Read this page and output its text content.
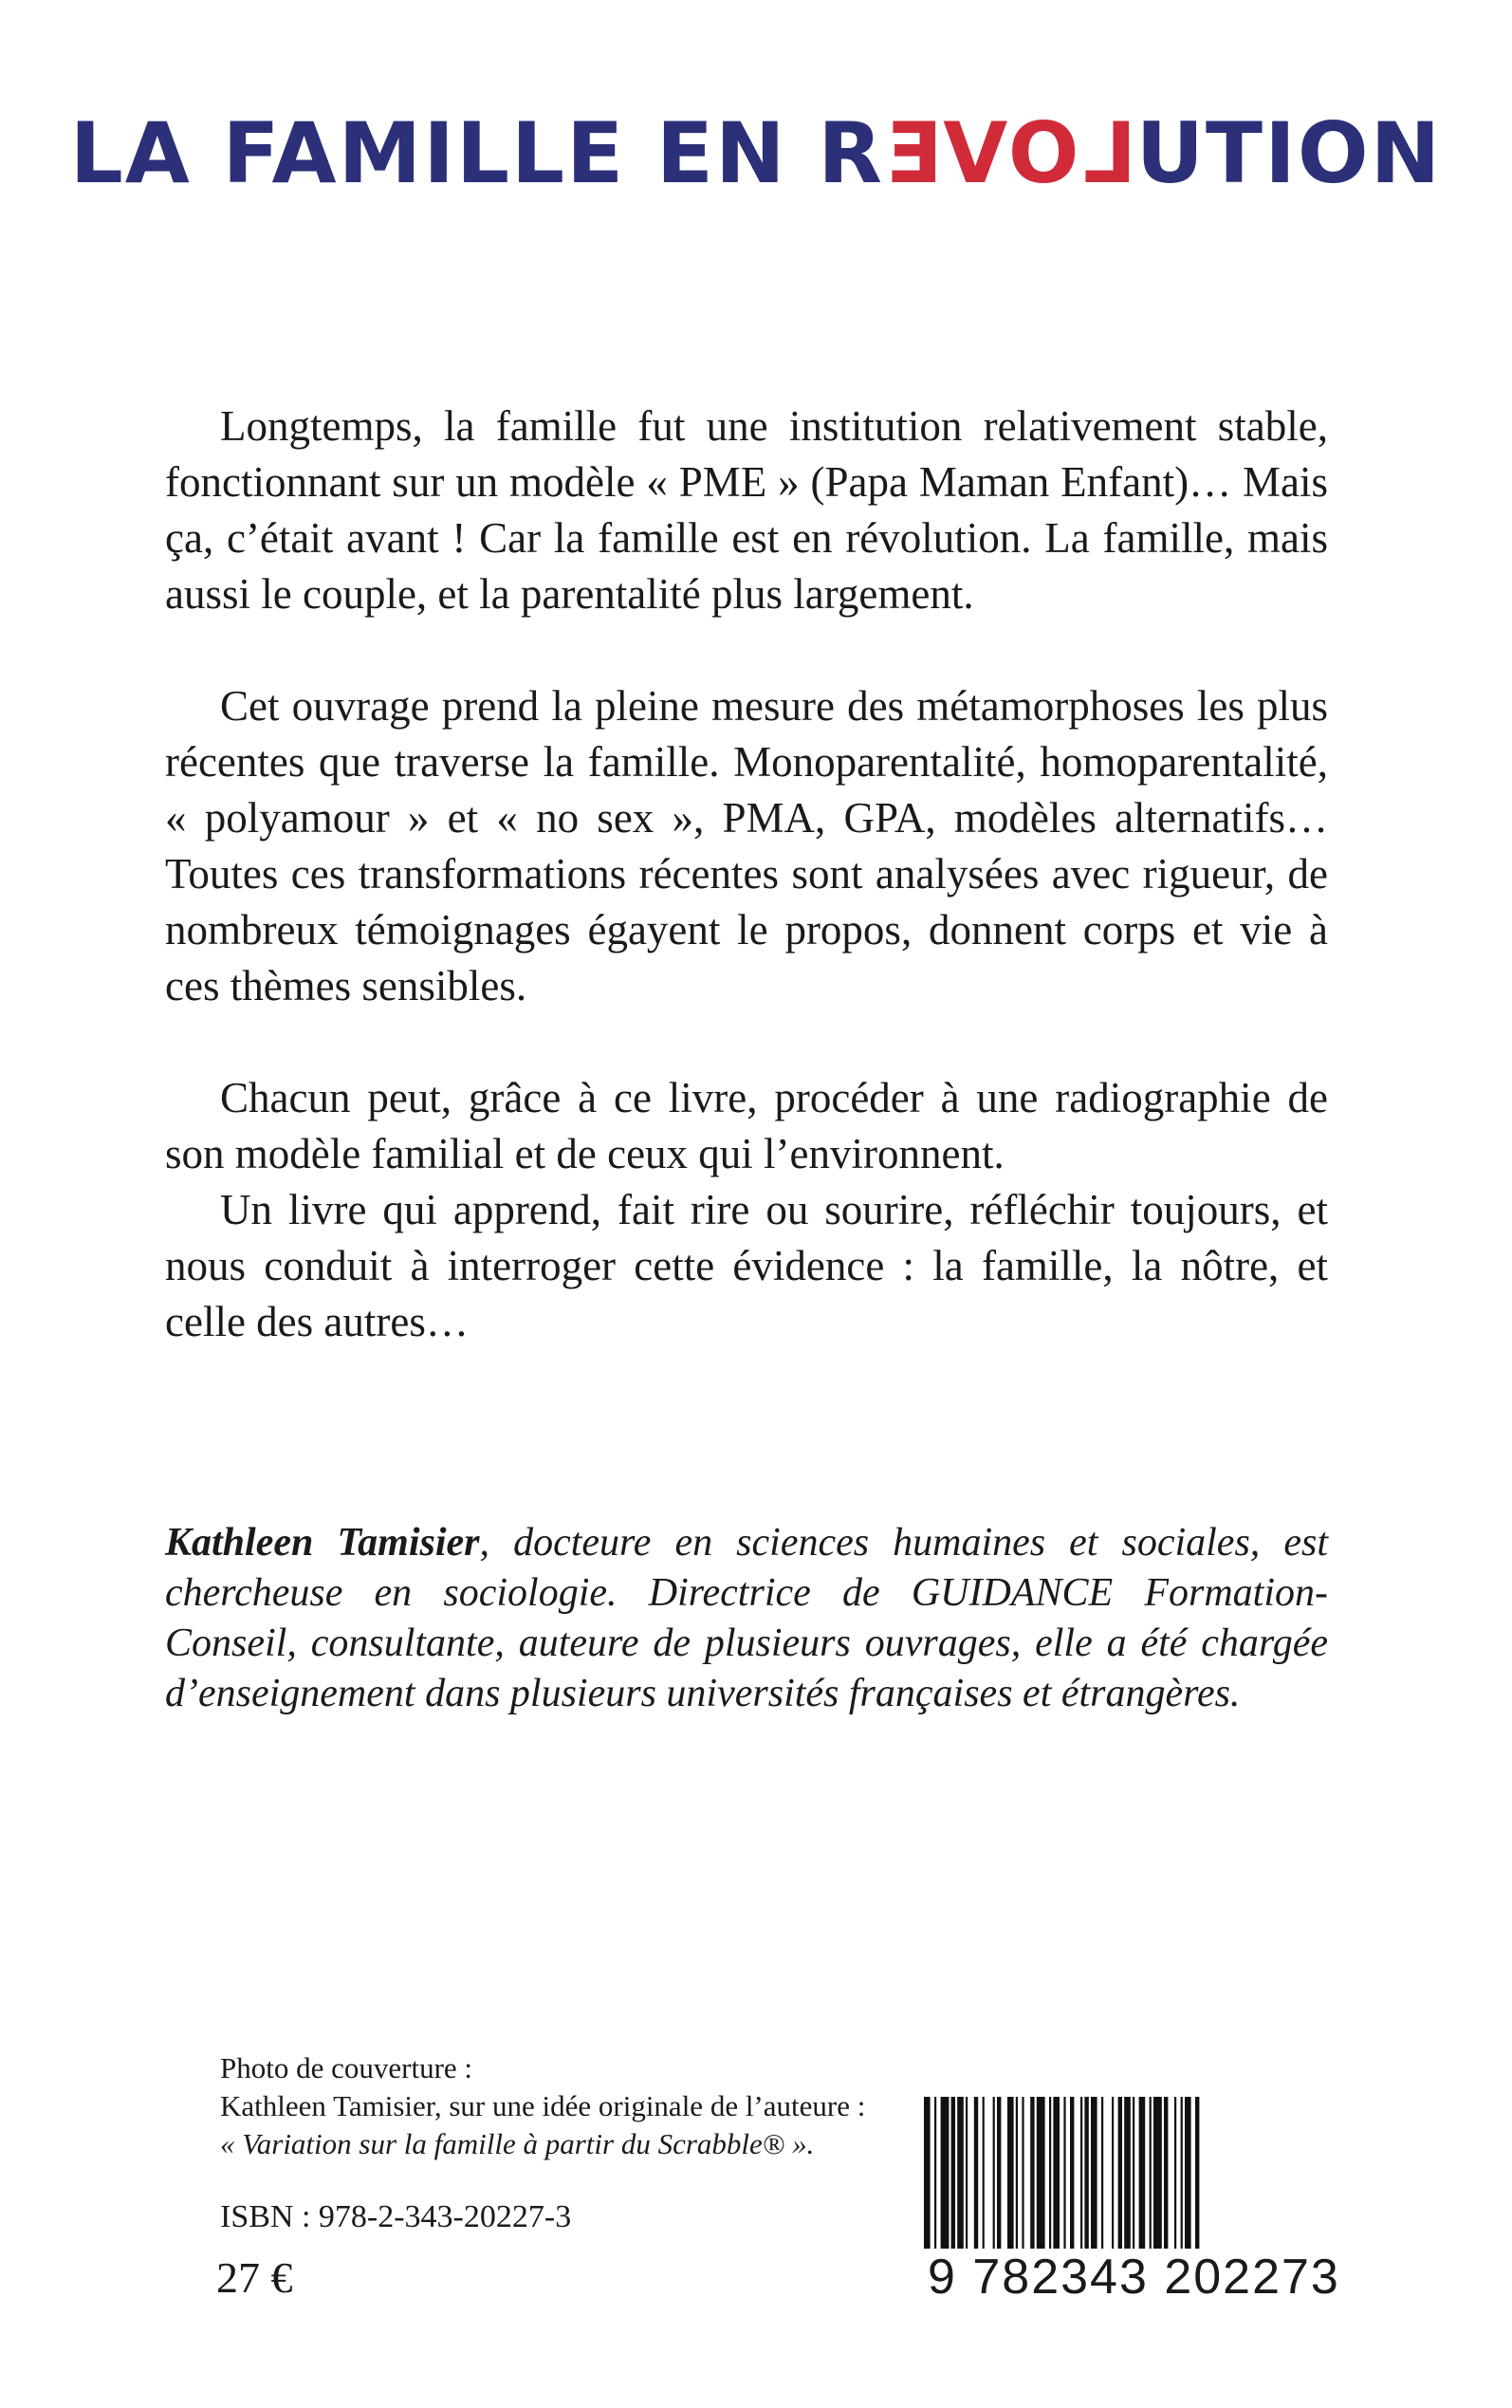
LA FAMILLE EN REVOLUTION

Longtemps, la famille fut une institution relativement stable, fonctionnant sur un modèle « PME » (Papa Maman Enfant)… Mais ça, c’était avant ! Car la famille est en révolution. La famille, mais aussi le couple, et la parentalité plus largement.

Cet ouvrage prend la pleine mesure des métamorphoses les plus récentes que traverse la famille. Monoparentalité, homoparentalité, « polyamour » et « no sex », PMA, GPA, modèles alternatifs… Toutes ces transformations récentes sont analysées avec rigueur, de nombreux témoignages égayent le propos, donnent corps et vie à ces thèmes sensibles.

Chacun peut, grâce à ce livre, procéder à une radiographie de son modèle familial et de ceux qui l’environnent.

Un livre qui apprend, fait rire ou sourire, réfléchir toujours, et nous conduit à interroger cette évidence : la famille, la nôtre, et celle des autres…

Kathleen Tamisier, docteure en sciences humaines et sociales, est chercheuse en sociologie. Directrice de GUIDANCE Formation-Conseil, consultante, auteure de plusieurs ouvrages, elle a été chargée d’enseignement dans plusieurs universités françaises et étrangères.

Photo de couverture :
Kathleen Tamisier, sur une idée originale de l’auteure :
« Variation sur la famille à partir du Scrabble® ».

ISBN : 978-2-343-20227-3

27 €	9 782343 202273
